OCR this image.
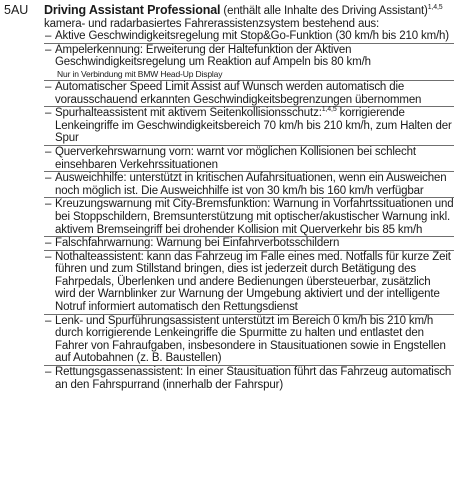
5AU Driving Assistant Professional (enthält alle Inhalte des Driving Assistant)$^{1,4,5}$
kamera- und radarbasiertes Fahrerassistenzsystem bestehend aus:

– Aktive Geschwindigkeitsregelung mit Stop&Go-Funktion (30 km/h bis 210 km/h)
– Ampelerkennung: Erweiterung der Haltefunktion der Aktiven Geschwindigkeitsregelung um Reaktion auf Ampeln bis 80 km/h
Nur in Verbindung mit BMW Head-Up Display
– Automatischer Speed Limit Assist auf Wunsch werden automatisch die vorausschauend erkannten Geschwindigkeitsbegrenzungen übernommen
– Spurhalteassistent mit aktivem Seitenkollisionsschutz:$^{1,4,5}$ korrigierende Lenkeingriffe im Geschwindigkeitsbereich 70 km/h bis 210 km/h, zum Halten der Spur
– Querverkehrswarnung vorn: warnt vor möglichen Kollisionen bei schlecht einsehbaren Verkehrssituationen
– Ausweichhilfe: unterstützt in kritischen Aufahrsituationen, wenn ein Ausweichen noch möglich ist. Die Ausweichhilfe ist von 30 km/h bis 160 km/h verfügbar
– Kreuzungswarnung mit City-Bremsfunktion: Warnung in Vorfahrtssituationen und bei Stoppschildern, Bremsunterstützung mit optischer/akustischer Warnung inkl. aktivem Bremseingriff bei drohender Kollision mit Querverkehr bis 85 km/h
– Falschfahrwarnung: Warnung bei Einfahrverbotsschildern
– Nothalteassistent: kann das Fahrzeug im Falle eines med. Notfalls für kurze Zeit führen und zum Stillstand bringen, dies ist jederzeit durch Betätigung des Fahrpedals, Überlenken und andere Bedienungen übersteuerbar, zusätzlich wird der Warnblinker zur Warnung der Umgebung aktiviert und der intelligente Notruf informiert automatisch den Rettungsdienst
– Lenk- und Spurführungsassistent unterstützt im Bereich 0 km/h bis 210 km/h durch korrigierende Lenkeingriffe die Spurmitte zu halten und entlastet den Fahrer von Fahraufgaben, insbesondere in Stausituationen sowie in Engstellen auf Autobahnen (z. B. Baustellen)
– Rettungsgassenassistent: In einer Stausituation führt das Fahrzeug automatisch an den Fahrspurrand (innerhalb der Fahrspur)
